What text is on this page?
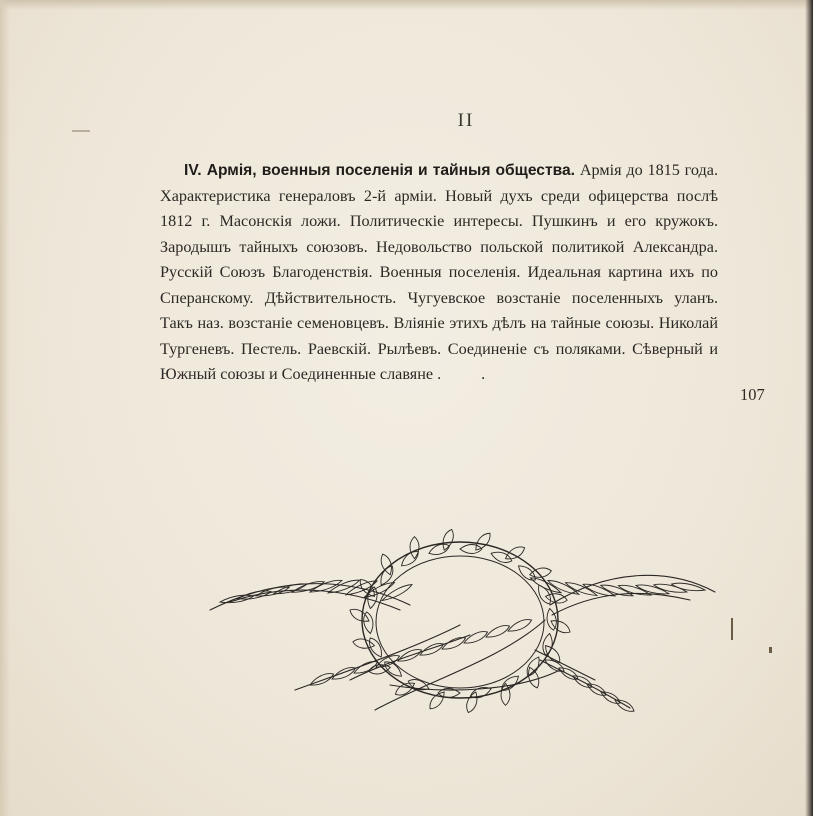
II
IV. Армія, военныя поселенія и тайныя общества. Армія до 1815 года. Характеристика генераловъ 2-й арміи. Новый духъ среди офицерства послѣ 1812 г. Масонскія ложи. Политическіе интересы. Пушкинъ и его кружокъ. Зародышъ тайныхъ союзовъ. Недовольство польской политикой Александра. Русскій Союзъ Благоденствія. Военныя поселенія. Идеальная картина ихъ по Сперанскому. Дѣйствительность. Чугуевское возстаніе поселенныхъ уланъ. Такъ наз. возстаніе семеновцевъ. Вліяніе этихъ дѣлъ на тайные союзы. Николай Тургеневъ. Пестель. Раевскій. Рылѣевъ. Соединеніе съ поляками. Сѣверный и Южный союзы и Соединенные славяне ..
107
